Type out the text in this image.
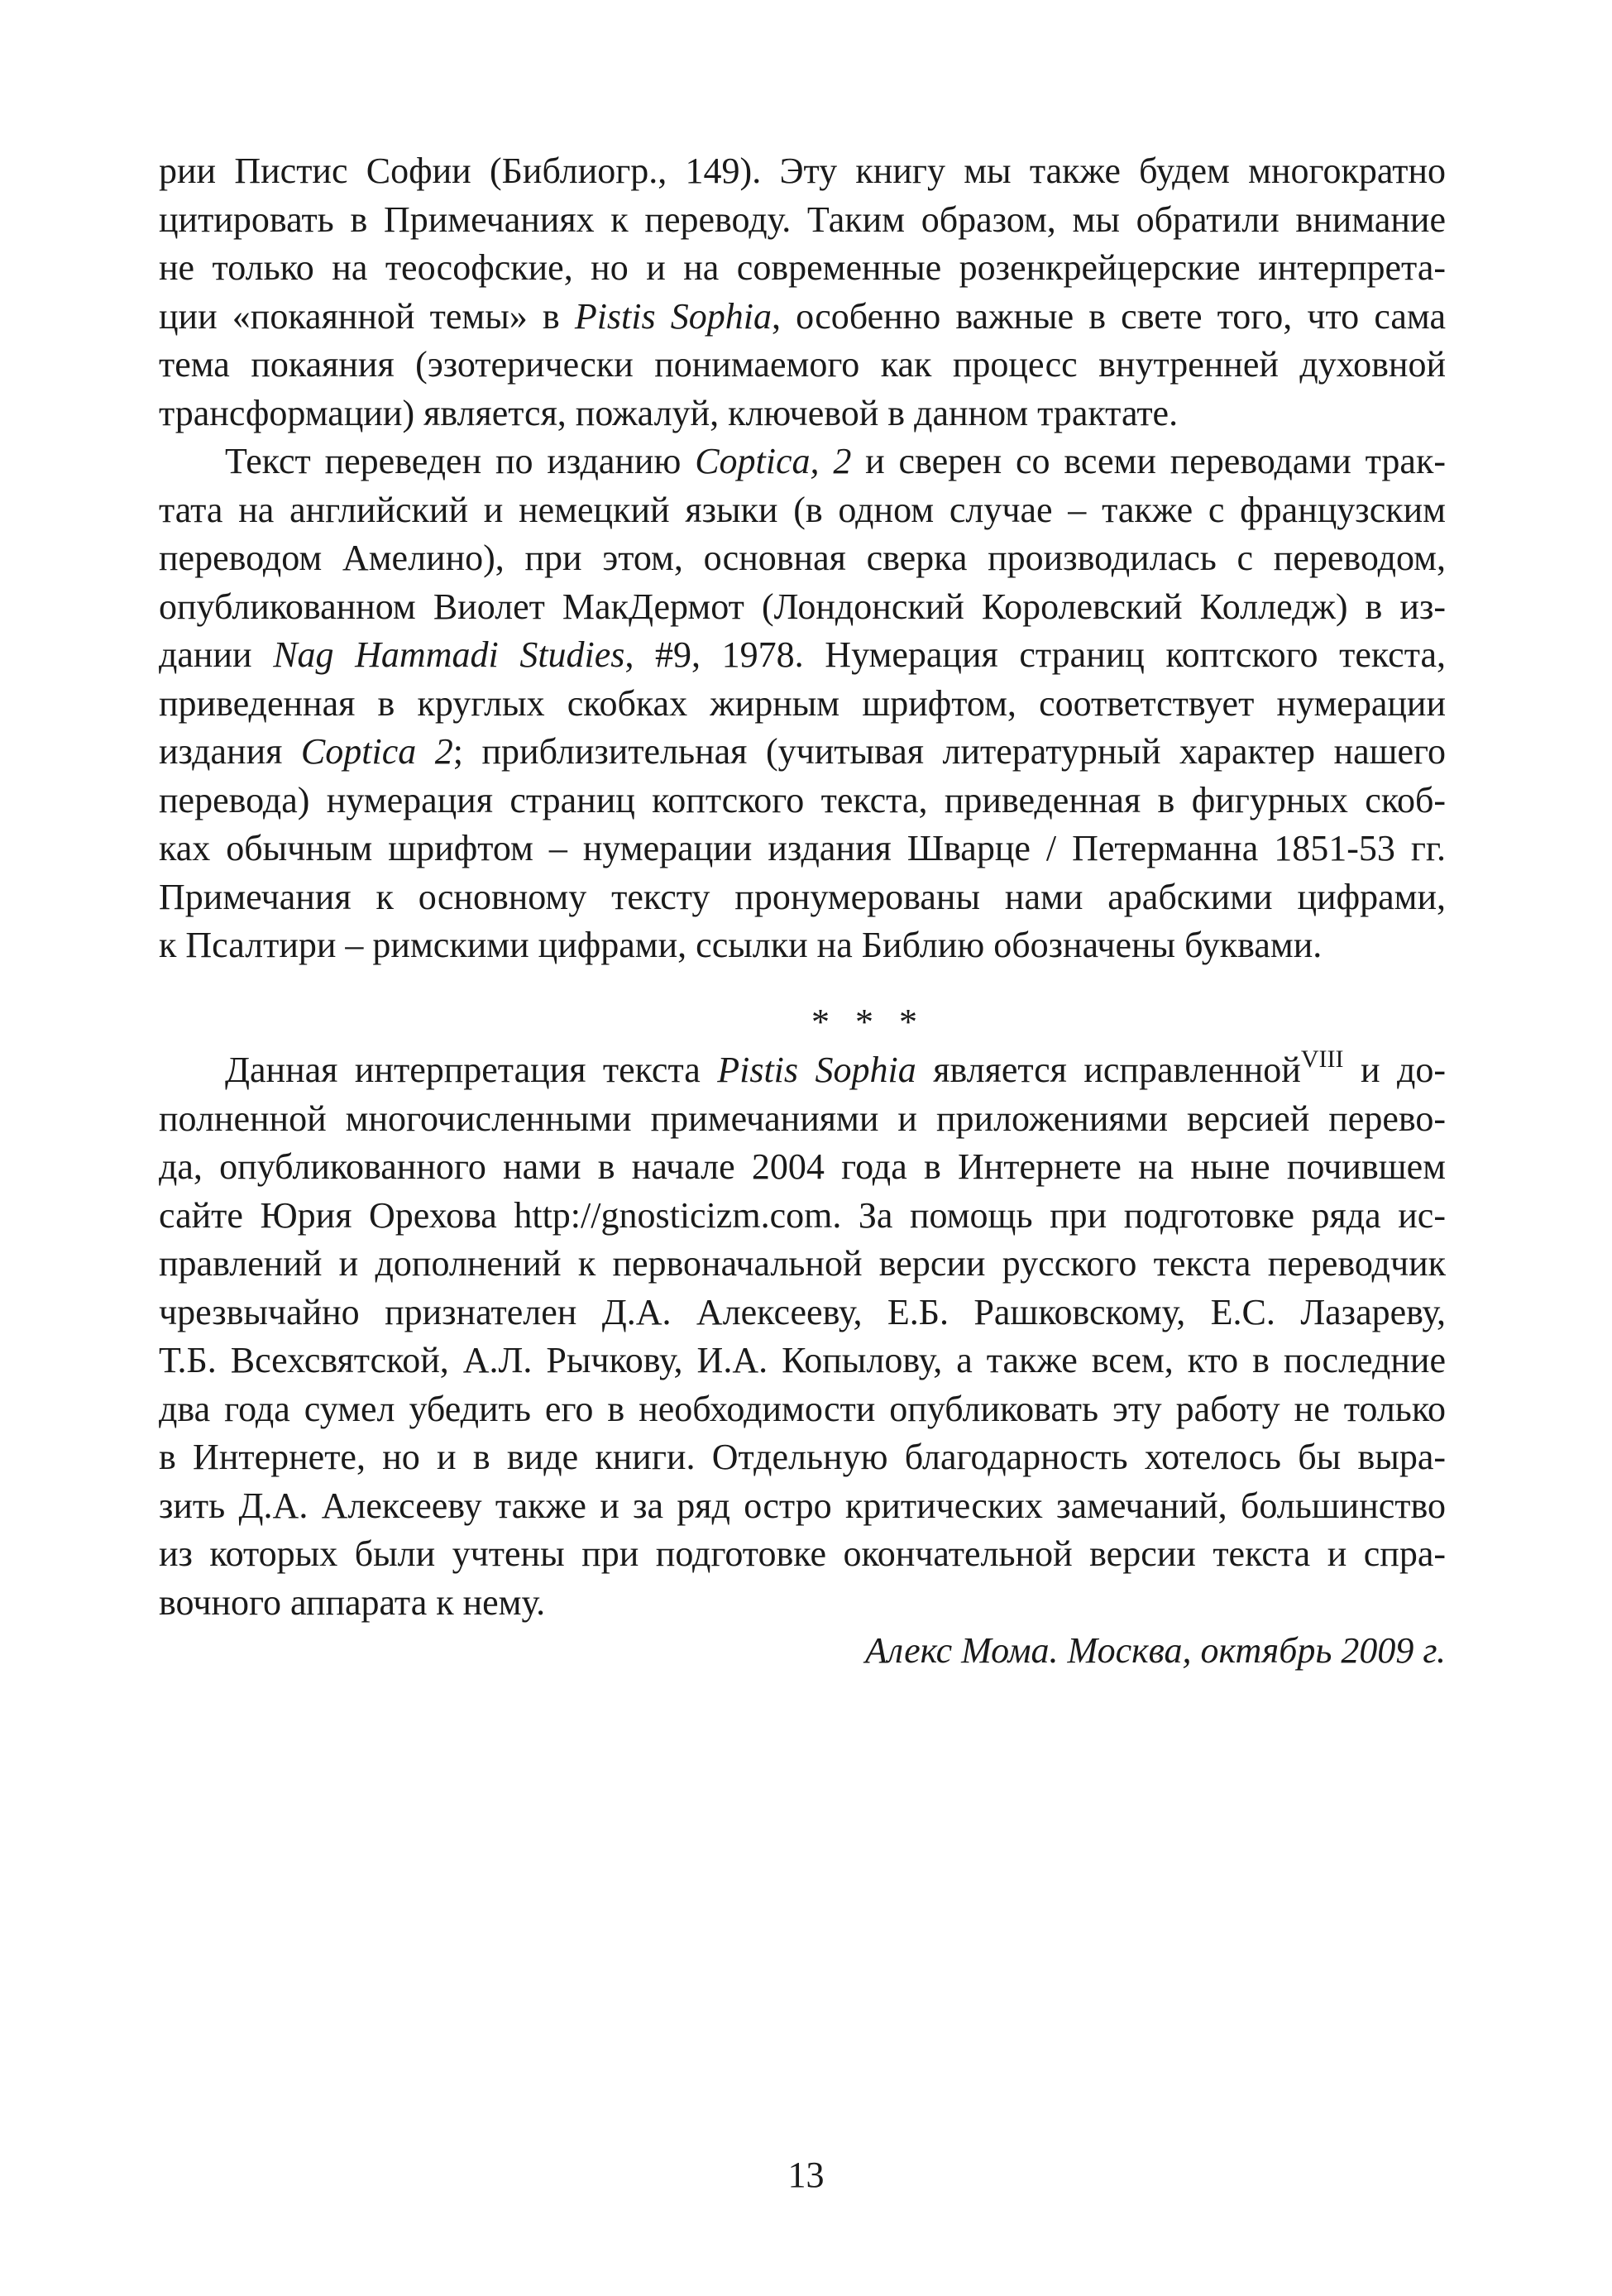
рии Пистис Софии (Библиогр., 149). Эту книгу мы также будем многократно
цитировать в Примечаниях к переводу. Таким образом, мы обратили внимание
не только на теософские, но и на современные розенкрейцерские интерпрета-
ции «покаянной темы» в Pistis Sophia, особенно важные в свете того, что сама
тема покаяния (эзотерически понимаемого как процесс внутренней духовной
трансформации) является, пожалуй, ключевой в данном трактате.

Текст переведен по изданию Coptica, 2 и сверен со всеми переводами трак-
тата на английский и немецкий языки (в одном случае – также с французским
переводом Амелино), при этом, основная сверка производилась с переводом,
опубликованном Виолет МакДермот (Лондонский Королевский Колледж) в из-
дании Nag Hammadi Studies, #9, 1978. Нумерация страниц коптского текста,
приведенная в круглых скобках жирным шрифтом, соответствует нумерации
издания Coptica 2; приблизительная (учитывая литературный характер нашего
перевода) нумерация страниц коптского текста, приведенная в фигурных скоб-
ках обычным шрифтом – нумерации издания Шварце / Петерманна 1851-53 гг.
Примечания к основному тексту пронумерованы нами арабскими цифрами,
к Псалтири – римскими цифрами, ссылки на Библию обозначены буквами.

* * *

Данная интерпретация текста Pistis Sophia является исправленной$^{VIII}$ и до-
полненной многочисленными примечаниями и приложениями версией перево-
да, опубликованного нами в начале 2004 года в Интернете на ныне почившем
сайте Юрия Орехова http://gnosticizm.com. За помощь при подготовке ряда ис-
правлений и дополнений к первоначальной версии русского текста переводчик
чрезвычайно признателен Д.А. Алексееву, Е.Б. Рашковскому, Е.С. Лазареву,
Т.Б. Всехсвятской, А.Л. Рычкову, И.А. Копылову, а также всем, кто в последние
два года сумел убедить его в необходимости опубликовать эту работу не только
в Интернете, но и в виде книги. Отдельную благодарность хотелось бы выра-
зить Д.А. Алексееву также и за ряд остро критических замечаний, большинство
из которых были учтены при подготовке окончательной версии текста и спра-
вочного аппарата к нему.

Алекс Мома. Москва, октябрь 2009 г.

13
